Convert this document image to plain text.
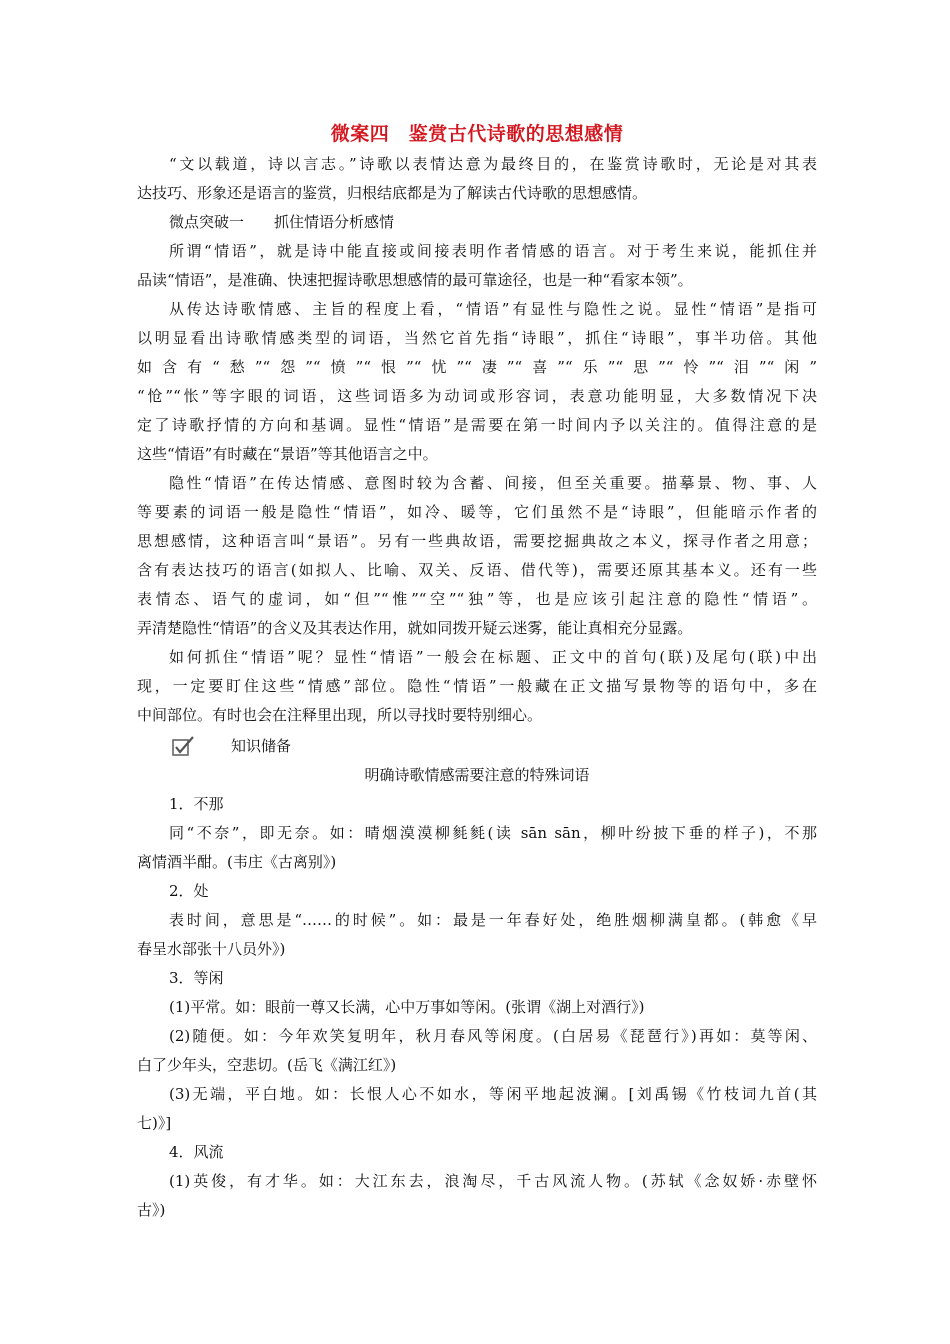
微案四　鉴赏古代诗歌的思想感情
“文以载道，诗以言志。”诗歌以表情达意为最终目的，在鉴赏诗歌时，无论是对其表
达技巧、形象还是语言的鉴赏，归根结底都是为了解读古代诗歌的思想感情。
微点突破一　　抓住情语分析感情
所谓“情语”，就是诗中能直接或间接表明作者情感的语言。对于考生来说，能抓住并
品读“情语”，是准确、快速把握诗歌思想感情的最可靠途径，也是一种“看家本领”。
从传达诗歌情感、主旨的程度上看，“情语”有显性与隐性之说。显性“情语”是指可
以明显看出诗歌情感类型的词语，当然它首先指“诗眼”，抓住“诗眼”，事半功倍。其他
如含有“愁”“怨”“愤”“恨”“忧”“凄”“喜”“乐”“思”“怜”“泪”“闲”
“怆”“怅”等字眼的词语，这些词语多为动词或形容词，表意功能明显，大多数情况下决
定了诗歌抒情的方向和基调。显性“情语”是需要在第一时间内予以关注的。值得注意的是
这些“情语”有时藏在“景语”等其他语言之中。
隐性“情语”在传达情感、意图时较为含蓄、间接，但至关重要。描摹景、物、事、人
等要素的词语一般是隐性“情语”，如冷、暖等，它们虽然不是“诗眼”，但能暗示作者的
思想感情，这种语言叫“景语”。另有一些典故语，需要挖掘典故之本义，探寻作者之用意；
含有表达技巧的语言(如拟人、比喻、双关、反语、借代等)，需要还原其基本义。还有一些
表情态、语气的虚词，如“但”“惟”“空”“独”等，也是应该引起注意的隐性“情语”。
弄清楚隐性“情语”的含义及其表达作用，就如同拨开疑云迷雾，能让真相充分显露。
如何抓住“情语”呢？显性“情语”一般会在标题、正文中的首句(联)及尾句(联)中出
现，一定要盯住这些“情感”部位。隐性“情语”一般藏在正文描写景物等的语句中，多在
中间部位。有时也会在注释里出现，所以寻找时要特别细心。
知识储备
明确诗歌情感需要注意的特殊词语
1．不那
同“不奈”，即无奈。如：晴烟漠漠柳毵毵(读 sān sān，柳叶纷披下垂的样子)，不那
离情酒半酣。(韦庄《古离别》)
2．处
表时间，意思是“……的时候”。如：最是一年春好处，绝胜烟柳满皇都。(韩愈《早
春呈水部张十八员外》)
3．等闲
(1)平常。如：眼前一尊又长满，心中万事如等闲。(张谓《湖上对酒行》)
(2)随便。如：今年欢笑复明年，秋月春风等闲度。(白居易《琵琶行》)再如：莫等闲、
白了少年头，空悲切。(岳飞《满江红》)
(3)无端，平白地。如：长恨人心不如水，等闲平地起波澜。[刘禹锡《竹枝词九首(其
七)》]
4．风流
(1)英俊，有才华。如：大江东去，浪淘尽，千古风流人物。(苏轼《念奴娇·赤壁怀
古》)
